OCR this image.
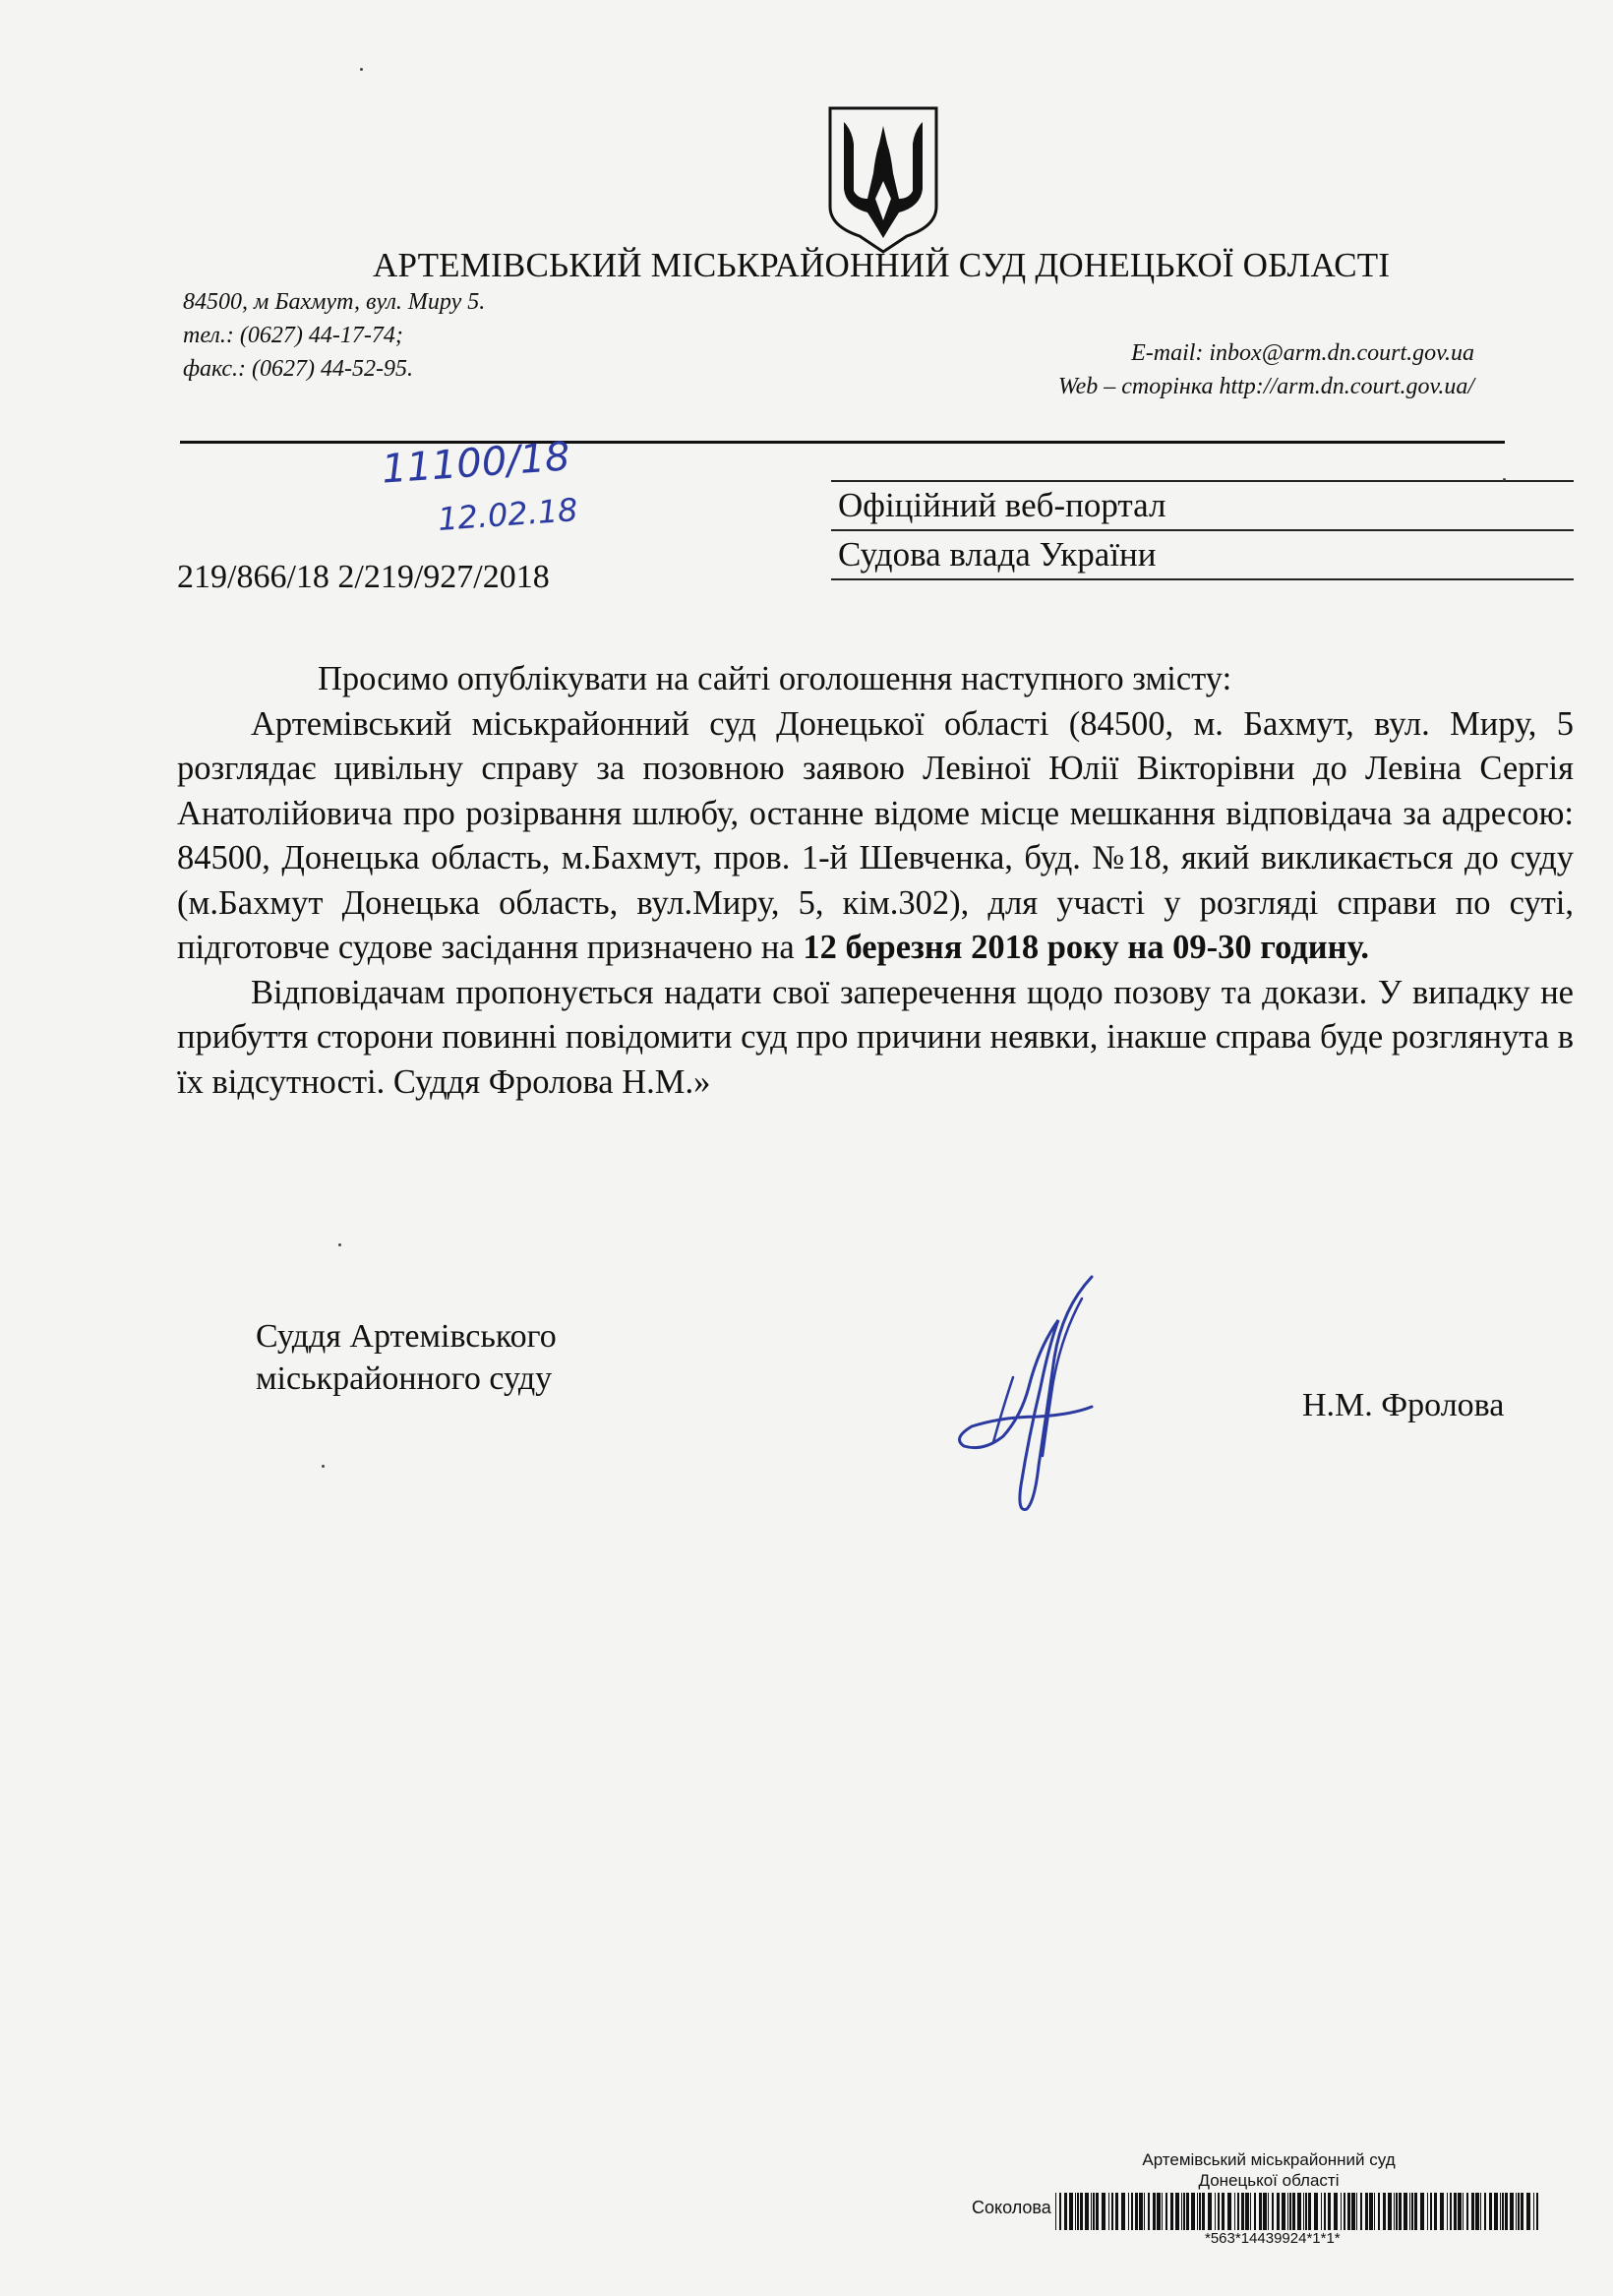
АРТЕМІВСЬКИЙ МІСЬКРАЙОННИЙ СУД ДОНЕЦЬКОЇ ОБЛАСТІ
84500, м Бахмут, вул. Миру 5.
тел.: (0627) 44-17-74;
факс.: (0627) 44-52-95.
E-mail: inbox@arm.dn.court.gov.ua
Web – сторінка http://arm.dn.court.gov.ua/
11100/18
12.02.18
219/866/18 2/219/927/2018
Офіційний веб-портал
Судова влада України

Просимо опублікувати на сайті оголошення наступного змісту:

Артемівський міськрайонний суд Донецької області (84500, м. Бахмут, вул. Миру, 5 розглядає цивільну справу за позовною заявою Левіної Юлії Вікторівни до Левіна Сергія Анатолійовича про розірвання шлюбу, останне відоме місце мешкання відповідача за адресою: 84500, Донецька область, м.Бахмут, пров. 1-й Шевченка, буд. №18, який викликається до суду (м.Бахмут Донецька область, вул.Миру, 5, кім.302), для участі у розгляді справи по суті, підготовче судове засідання призначено на 12 березня 2018 року на 09-30 годину.

Відповідачам пропонується надати свої заперечення щодо позову та докази. У випадку не прибуття сторони повинні повідомити суд про причини неявки, інакше справа буде розглянута в їх відсутності. Суддя Фролова Н.М.»

Суддя Артемівського
міськрайонного суду
Н.М. Фролова
Артемівський міськрайонний суд
Донецької області
Соколова
*563*14439924*1*1*
